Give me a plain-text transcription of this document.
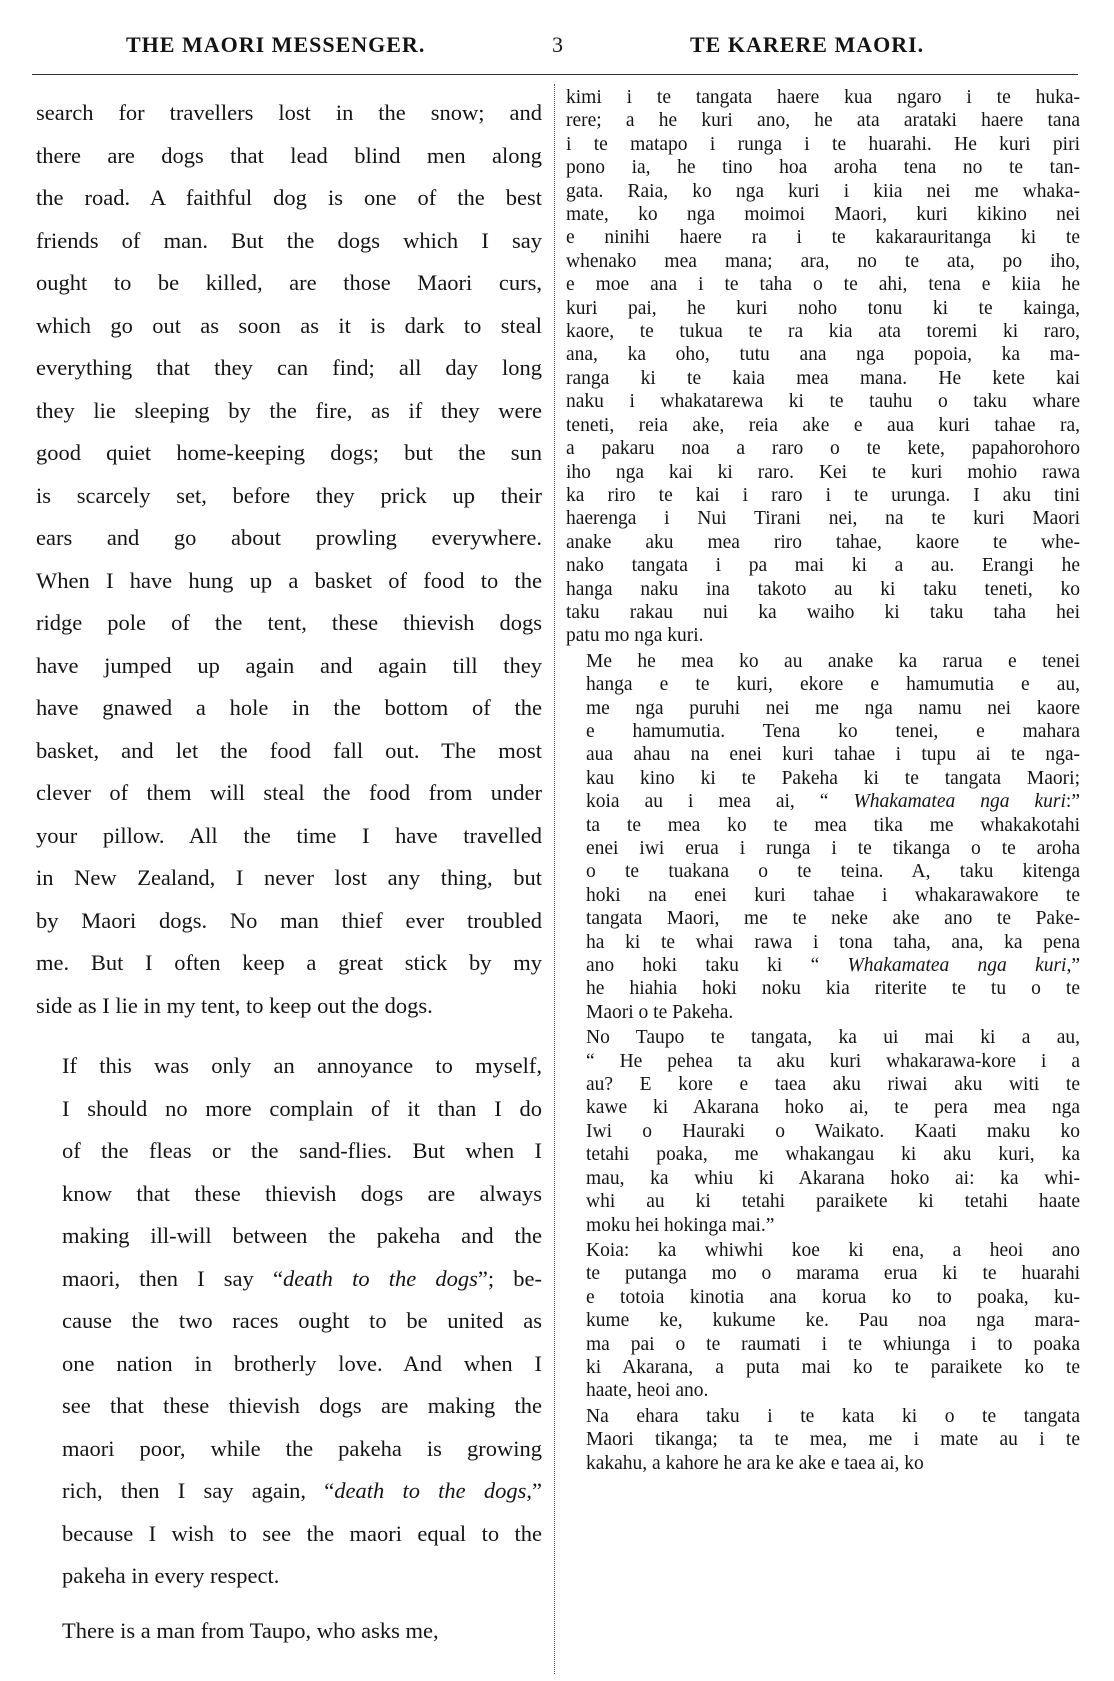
THE MAORI MESSENGER.	3	TE KARERE MAORI.

search for travellers lost in the snow; and
there are dogs that lead blind men along
the road. A faithful dog is one of the best
friends of man. But the dogs which I say
ought to be killed, are those Maori curs,
which go out as soon as it is dark to steal
everything that they can find; all day long
they lie sleeping by the fire, as if they were
good quiet home-keeping dogs; but the sun
is scarcely set, before they prick up their
ears and go about prowling everywhere.
When I have hung up a basket of food to the
ridge pole of the tent, these thievish dogs
have jumped up again and again till they
have gnawed a hole in the bottom of the
basket, and let the food fall out. The most
clever of them will steal the food from under
your pillow. All the time I have travelled
in New Zealand, I never lost any thing, but
by Maori dogs. No man thief ever troubled
me. But I often keep a great stick by my
side as I lie in my tent, to keep out the dogs.

If this was only an annoyance to myself,
I should no more complain of it than I do
of the fleas or the sand-flies. But when I
know that these thievish dogs are always
making ill-will between the pakeha and the
maori, then I say “death to the dogs”; be-
cause the two races ought to be united as
one nation in brotherly love. And when I
see that these thievish dogs are making the
maori poor, while the pakeha is growing
rich, then I say again, “death to the dogs,”
because I wish to see the maori equal to the
pakeha in every respect.

There is a man from Taupo, who asks me,

kimi i te tangata haere kua ngaro i te huka-
rere; a he kuri ano, he ata arataki haere tana
i te matapo i runga i te huarahi. He kuri piri
pono ia, he tino hoa aroha tena no te tan-
gata. Raia, ko nga kuri i kiia nei me whaka-
mate, ko nga moimoi Maori, kuri kikino nei
e ninihi haere ra i te kakarauritanga ki te
whenako mea mana; ara, no te ata, po iho,
e moe ana i te taha o te ahi, tena e kiia he
kuri pai, he kuri noho tonu ki te kainga,
kaore, te tukua te ra kia ata toremi ki raro,
ana, ka oho, tutu ana nga popoia, ka ma-
ranga ki te kaia mea mana. He kete kai
naku i whakatarewa ki te tauhu o taku whare
teneti, reia ake, reia ake e aua kuri tahae ra,
a pakaru noa a raro o te kete, papahorohoro
iho nga kai ki raro. Kei te kuri mohio rawa
ka riro te kai i raro i te urunga. I aku tini
haerenga i Nui Tirani nei, na te kuri Maori
anake aku mea riro tahae, kaore te whe-
nako tangata i pa mai ki a au. Erangi he
hanga naku ina takoto au ki taku teneti, ko
taku rakau nui ka waiho ki taku taha hei
patu mo nga kuri.

Me he mea ko au anake ka rarua e tenei
hanga e te kuri, ekore e hamumutia e au,
me nga puruhi nei me nga namu nei kaore
e hamumutia. Tena ko tenei, e mahara
aua ahau na enei kuri tahae i tupu ai te nga-
kau kino ki te Pakeha ki te tangata Maori;
koia au i mea ai, “ Whakamatea nga kuri:”
ta te mea ko te mea tika me whakakotahi
enei iwi erua i runga i te tikanga o te aroha
o te tuakana o te teina. A, taku kitenga
hoki na enei kuri tahae i whakarawakore te
tangata Maori, me te neke ake ano te Pake-
ha ki te whai rawa i tona taha, ana, ka pena
ano hoki taku ki “ Whakamatea nga kuri,”
he hiahia hoki noku kia riterite te tu o te
Maori o te Pakeha.

No Taupo te tangata, ka ui mai ki a au,
“ He pehea ta aku kuri whakarawa-kore i a
au? E kore e taea aku riwai aku witi te
kawe ki Akarana hoko ai, te pera mea nga
Iwi o Hauraki o Waikato. Kaati maku ko
tetahi poaka, me whakangau ki aku kuri, ka
mau, ka whiu ki Akarana hoko ai: ka whi-
whi au ki tetahi paraikete ki tetahi haate
moku hei hokinga mai.”

Koia: ka whiwhi koe ki ena, a heoi ano
te putanga mo o marama erua ki te huarahi
e totoia kinotia ana korua ko to poaka, ku-
kume ke, kukume ke. Pau noa nga mara-
ma pai o te raumati i te whiunga i to poaka
ki Akarana, a puta mai ko te paraikete ko te
haate, heoi ano.

Na ehara taku i te kata ki o te tangata
Maori tikanga; ta te mea, me i mate au i te
kakahu, a kahore he ara ke ake e taea ai, ko
